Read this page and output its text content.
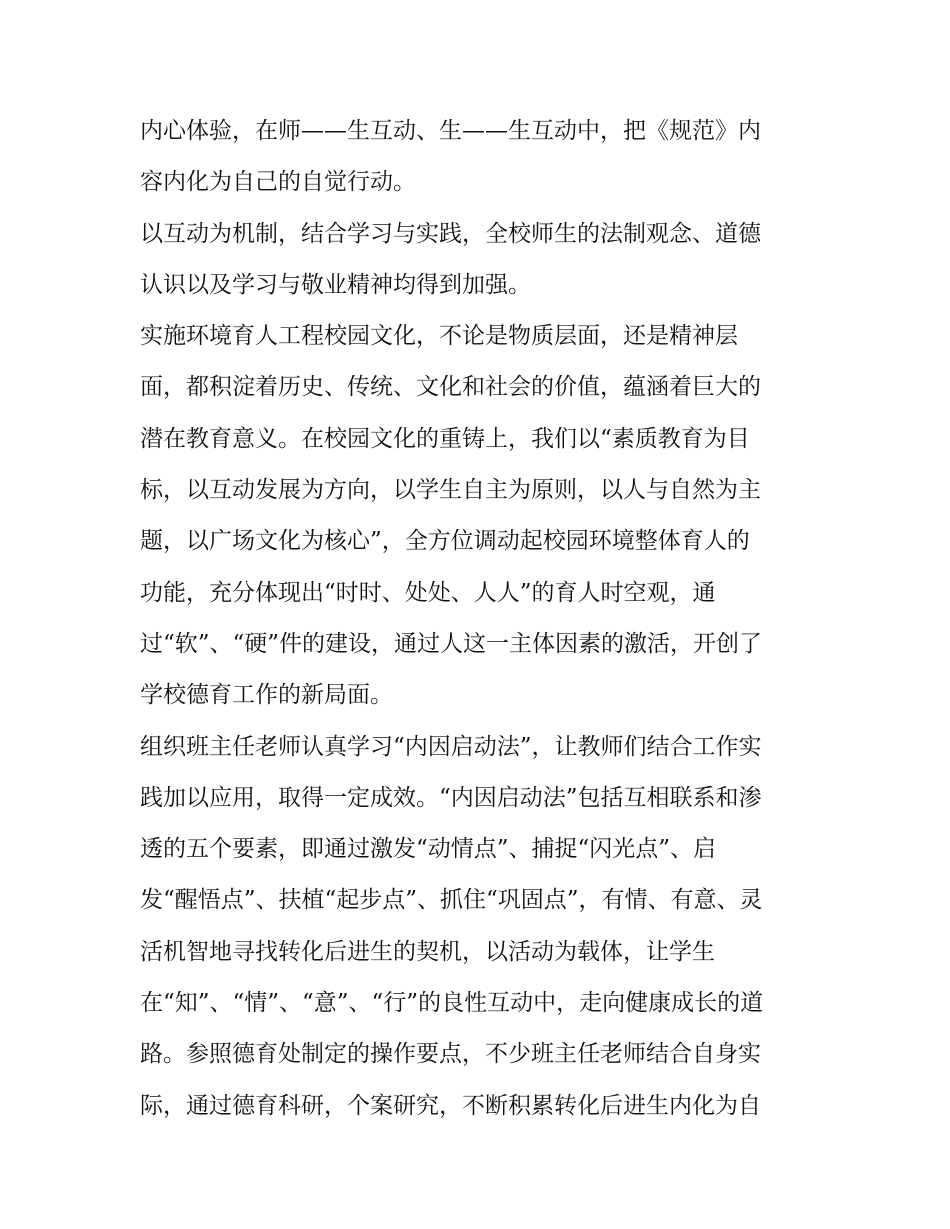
内心体验，在师——生互动、生——生互动中，把《规范》内
容内化为自己的自觉行动。
以互动为机制，结合学习与实践，全校师生的法制观念、道德
认识以及学习与敬业精神均得到加强。
实施环境育人工程校园文化，不论是物质层面，还是精神层
面，都积淀着历史、传统、文化和社会的价值，蕴涵着巨大的
潜在教育意义。在校园文化的重铸上，我们以“素质教育为目
标，以互动发展为方向，以学生自主为原则，以人与自然为主
题，以广场文化为核心”，全方位调动起校园环境整体育人的
功能，充分体现出“时时、处处、人人”的育人时空观，通
过“软”、“硬”件的建设，通过人这一主体因素的激活，开创了
学校德育工作的新局面。
组织班主任老师认真学习“内因启动法”，让教师们结合工作实
践加以应用，取得一定成效。“内因启动法”包括互相联系和渗
透的五个要素，即通过激发“动情点”、捕捉“闪光点”、启
发“醒悟点”、扶植“起步点”、抓住“巩固点”，有情、有意、灵
活机智地寻找转化后进生的契机，以活动为载体，让学生
在“知”、“情”、“意”、“行”的良性互动中，走向健康成长的道
路。参照德育处制定的操作要点，不少班主任老师结合自身实
际，通过德育科研，个案研究，不断积累转化后进生内化为自
